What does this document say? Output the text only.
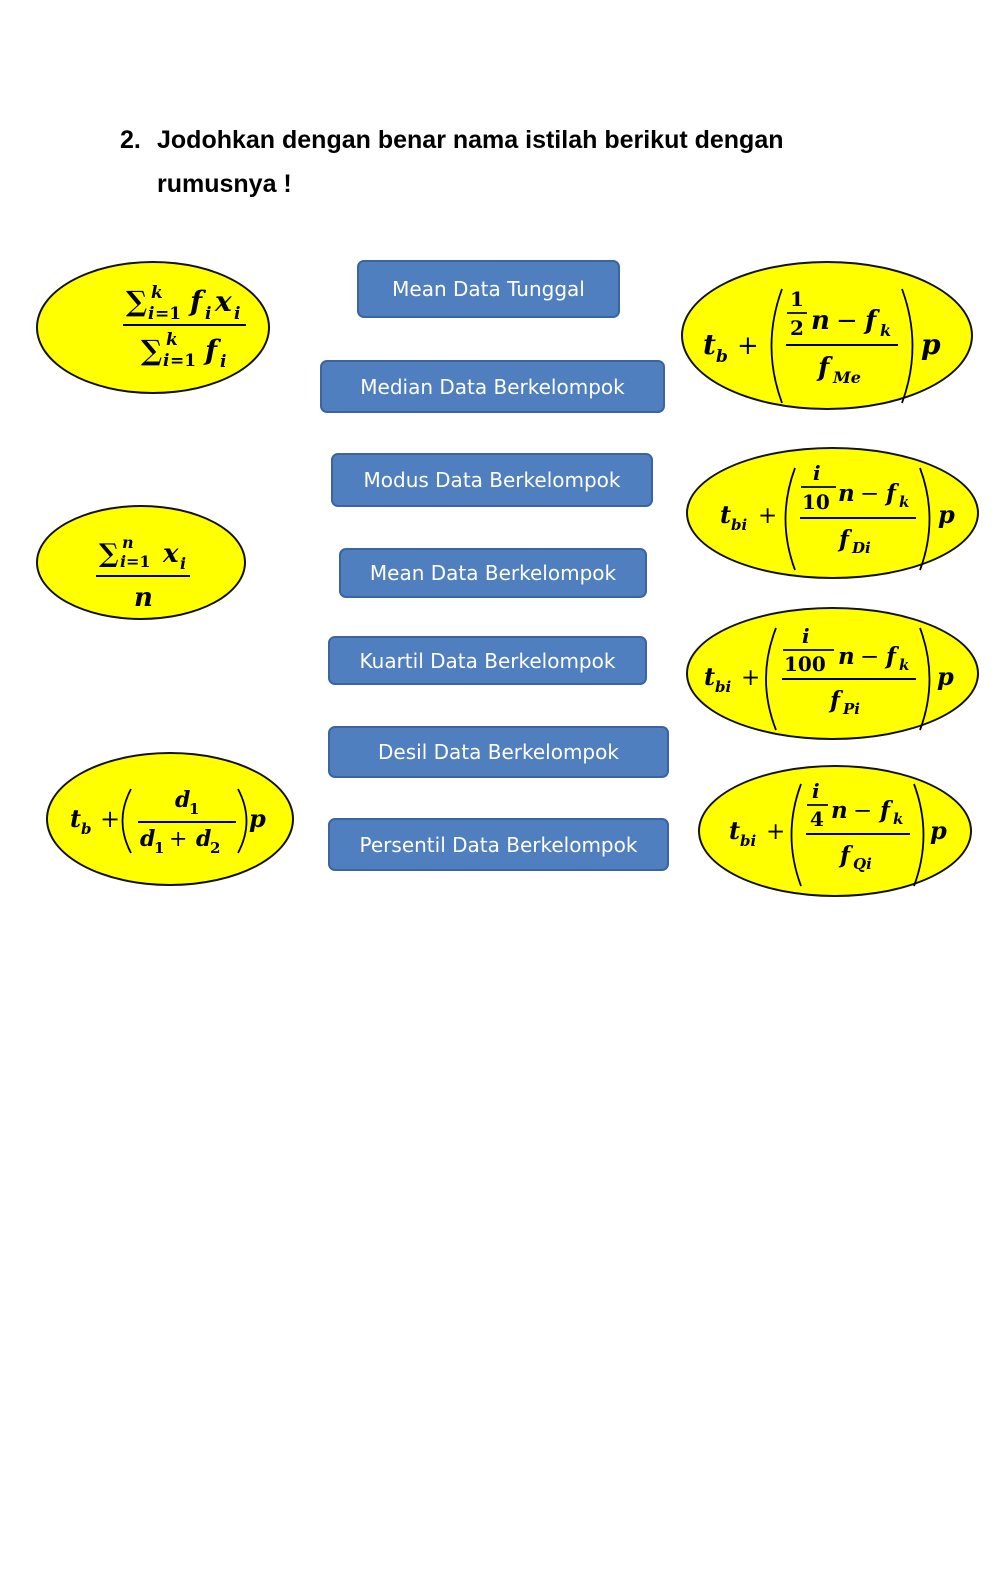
2. Jodohkan dengan benar nama istilah berikut dengan rumusnya !
Mean Data Tunggal
Median Data Berkelompok
Modus Data Berkelompok
Mean Data Berkelompok
Kuartil Data Berkelompok
Desil Data Berkelompok
Persentil Data Berkelompok
∑ k
i =1 f i x i
∑ k
i =1 f i
∑ n
i =1 x i
n
t b +
d
1
d
1 + d
2
p
t b +
1
2 n − f k
f Me
p
t bi +
i
10 n − f k
f Di
p
t bi +
i
100 n − f k
f Pi
p
t bi +
i
4 n − f k
f Qi
p
